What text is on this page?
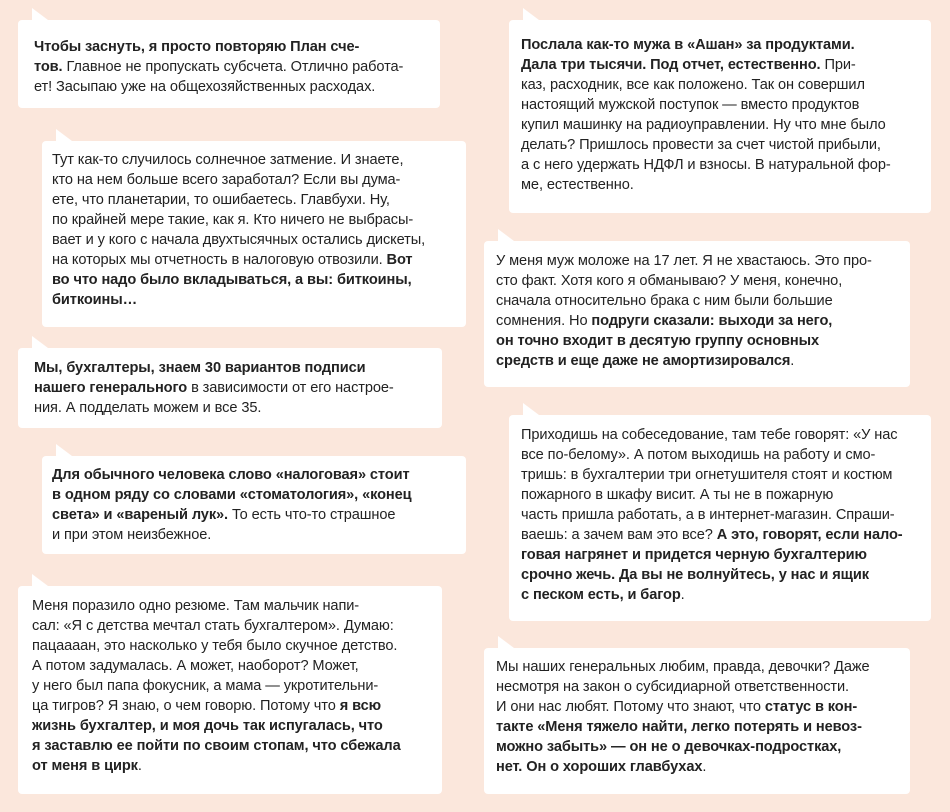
Чтобы заснуть, я просто повторяю План сче-
тов. Главное не пропускать субсчета. Отлично работа-
ет! Засыпаю уже на общехозяйственных расходах.
Тут как-то случилось солнечное затмение. И знаете,
кто на нем больше всего заработал? Если вы дума-
ете, что планетарии, то ошибаетесь. Главбухи. Ну,
по крайней мере такие, как я. Кто ничего не выбрасы-
вает и у кого с начала двухтысячных остались дискеты,
на которых мы отчетность в налоговую отвозили. Вот
во что надо было вкладываться, а вы: биткоины,
биткоины…
Мы, бухгалтеры, знаем 30 вариантов подписи
нашего генерального в зависимости от его настрое-
ния. А подделать можем и все 35.
Для обычного человека слово «налоговая» стоит
в одном ряду со словами «стоматология», «конец
света» и «вареный лук». То есть что-то страшное
и при этом неизбежное.
Меня поразило одно резюме. Там мальчик напи-
сал: «Я с детства мечтал стать бухгалтером». Думаю:
пацаааан, это насколько у тебя было скучное детство.
А потом задумалась. А может, наоборот? Может,
у него был папа фокусник, а мама — укротительни-
ца тигров? Я знаю, о чем говорю. Потому что я всю
жизнь бухгалтер, и моя дочь так испугалась, что
я заставлю ее пойти по своим стопам, что сбежала
от меня в цирк.
Послала как-то мужа в «Ашан» за продуктами.
Дала три тысячи. Под отчет, естественно. При-
каз, расходник, все как положено. Так он совершил
настоящий мужской поступок — вместо продуктов
купил машинку на радиоуправлении. Ну что мне было
делать? Пришлось провести за счет чистой прибыли,
а с него удержать НДФЛ и взносы. В натуральной фор-
ме, естественно.
У меня муж моложе на 17 лет. Я не хвастаюсь. Это про-
сто факт. Хотя кого я обманываю? У меня, конечно,
сначала относительно брака с ним были большие
сомнения. Но подруги сказали: выходи за него,
он точно входит в десятую группу основных
средств и еще даже не амортизировался.
Приходишь на собеседование, там тебе говорят: «У нас
все по-белому». А потом выходишь на работу и смо-
тришь: в бухгалтерии три огнетушителя стоят и костюм
пожарного в шкафу висит. А ты не в пожарную
часть пришла работать, а в интернет-магазин. Спраши-
ваешь: а зачем вам это все? А это, говорят, если нало-
говая нагрянет и придется черную бухгалтерию
срочно жечь. Да вы не волнуйтесь, у нас и ящик
с песком есть, и багор.
Мы наших генеральных любим, правда, девочки? Даже
несмотря на закон о субсидиарной ответственности.
И они нас любят. Потому что знают, что статус в кон-
такте «Меня тяжело найти, легко потерять и невоз-
можно забыть» — он не о девочках-подростках,
нет. Он о хороших главбухах.
